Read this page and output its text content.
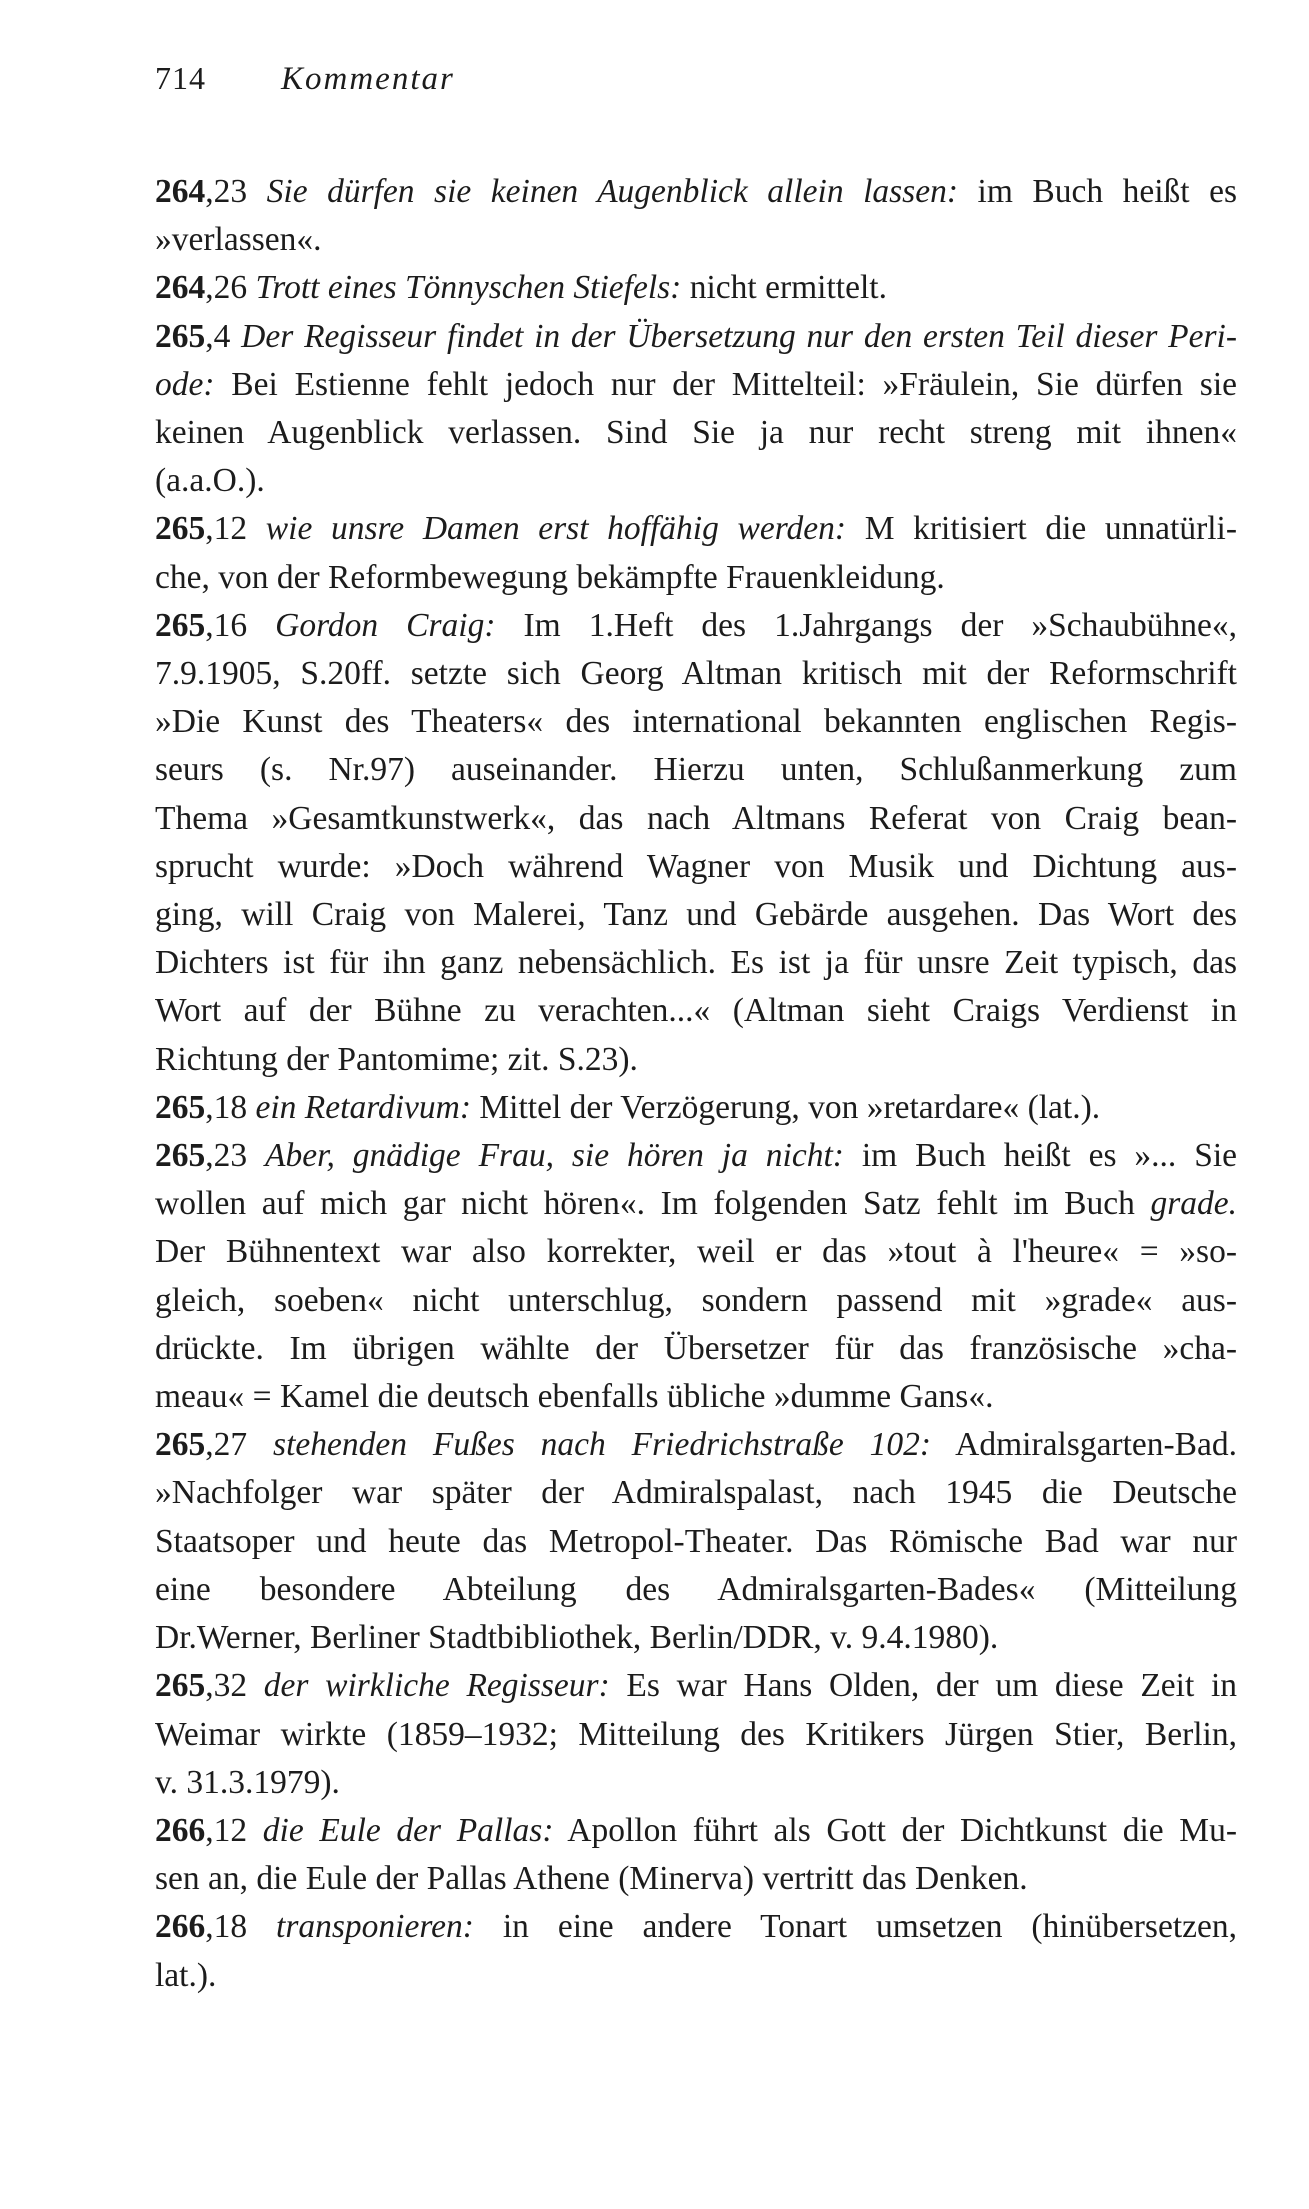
714	Kommentar

264,23 Sie dürfen sie keinen Augenblick allein lassen: im Buch heißt es
»verlassen«.

264,26 Trott eines Tönnyschen Stiefels: nicht ermittelt.

265,4 Der Regisseur findet in der Übersetzung nur den ersten Teil dieser Peri-
ode: Bei Estienne fehlt jedoch nur der Mittelteil: »Fräulein, Sie dürfen sie
keinen Augenblick verlassen. Sind Sie ja nur recht streng mit ihnen«
(a.a.O.).

265,12 wie unsre Damen erst hoffähig werden: M kritisiert die unnatürli-
che, von der Reformbewegung bekämpfte Frauenkleidung.

265,16 Gordon Craig: Im 1.Heft des 1.Jahrgangs der »Schaubühne«,
7.9.1905, S.20ff. setzte sich Georg Altman kritisch mit der Reformschrift
»Die Kunst des Theaters« des international bekannten englischen Regis-
seurs (s. Nr.97) auseinander. Hierzu unten, Schlußanmerkung zum
Thema »Gesamtkunstwerk«, das nach Altmans Referat von Craig bean-
sprucht wurde: »Doch während Wagner von Musik und Dichtung aus-
ging, will Craig von Malerei, Tanz und Gebärde ausgehen. Das Wort des
Dichters ist für ihn ganz nebensächlich. Es ist ja für unsre Zeit typisch, das
Wort auf der Bühne zu verachten...« (Altman sieht Craigs Verdienst in
Richtung der Pantomime; zit. S.23).

265,18 ein Retardivum: Mittel der Verzögerung, von »retardare« (lat.).

265,23 Aber, gnädige Frau, sie hören ja nicht: im Buch heißt es »... Sie
wollen auf mich gar nicht hören«. Im folgenden Satz fehlt im Buch grade.
Der Bühnentext war also korrekter, weil er das »tout à l'heure« = »so-
gleich, soeben« nicht unterschlug, sondern passend mit »grade« aus-
drückte. Im übrigen wählte der Übersetzer für das französische »cha-
meau« = Kamel die deutsch ebenfalls übliche »dumme Gans«.

265,27 stehenden Fußes nach Friedrichstraße 102: Admiralsgarten-Bad.
»Nachfolger war später der Admiralspalast, nach 1945 die Deutsche
Staatsoper und heute das Metropol-Theater. Das Römische Bad war nur
eine besondere Abteilung des Admiralsgarten-Bades« (Mitteilung
Dr.Werner, Berliner Stadtbibliothek, Berlin/DDR, v. 9.4.1980).

265,32 der wirkliche Regisseur: Es war Hans Olden, der um diese Zeit in
Weimar wirkte (1859–1932; Mitteilung des Kritikers Jürgen Stier, Berlin,
v. 31.3.1979).

266,12 die Eule der Pallas: Apollon führt als Gott der Dichtkunst die Mu-
sen an, die Eule der Pallas Athene (Minerva) vertritt das Denken.

266,18 transponieren: in eine andere Tonart umsetzen (hinübersetzen,
lat.).
